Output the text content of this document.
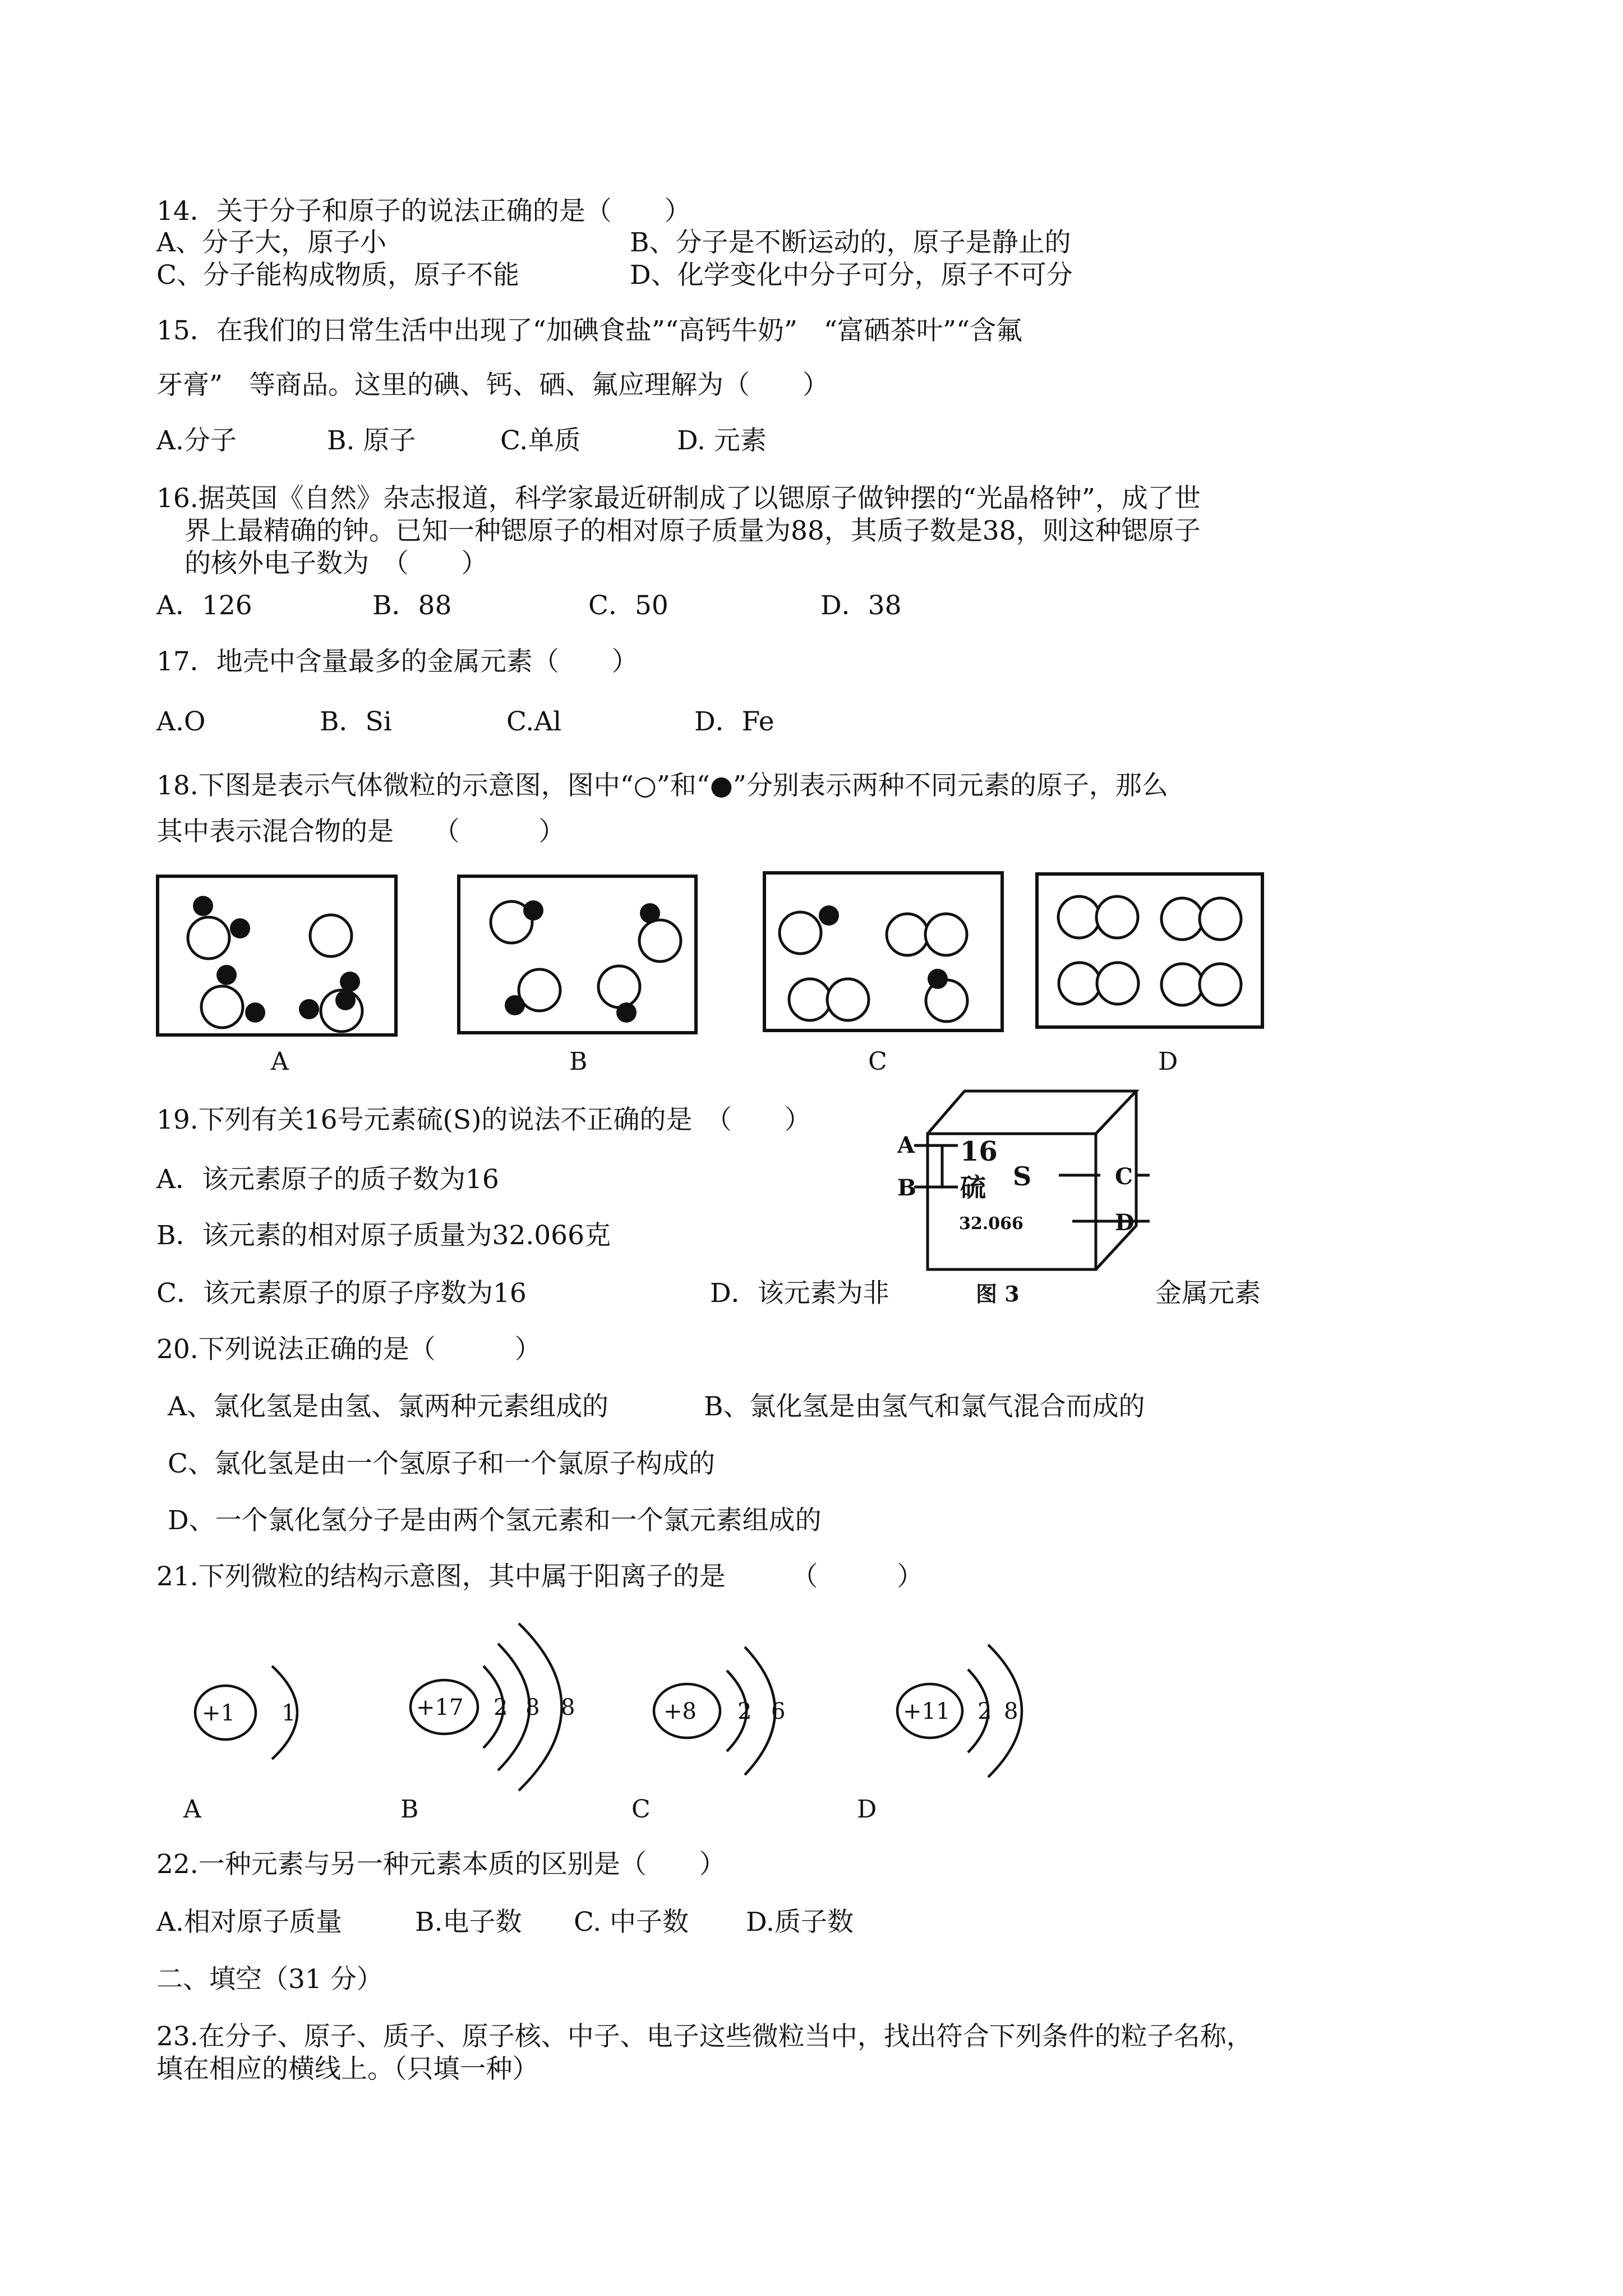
14．关于分子和原子的说法正确的是（　　）
A、分子大，原子小	B、分子是不断运动的，原子是静止的
C、分子能构成物质，原子不能	D、化学变化中分子可分，原子不可分
15．在我们的日常生活中出现了“加碘食盐”“高钙牛奶”　“富硒茶叶”“含氟
牙膏”　等商品。这里的碘、钙、硒、氟应理解为（　　）
A.分子	B. 原子	C.单质	D. 元素
16.据英国《自然》杂志报道，科学家最近研制成了以锶原子做钟摆的“光晶格钟”，成了世
界上最精确的钟。已知一种锶原子的相对原子质量为88，其质子数是38，则这种锶原子
的核外电子数为　（　　）
A．126	B．88	C．50	D．38
17．地壳中含量最多的金属元素（　　）
A.O	B．Si	C.Al	D．Fe
18.下图是表示气体微粒的示意图，图中“○”和“●”分别表示两种不同元素的原子，那么
其中表示混合物的是　　（　　　）
A	B	C	D
19.下列有关16号元素硫(S)的说法不正确的是　（　　）
A．该元素原子的质子数为16
B．该元素的相对原子质量为32.066克
C．该元素原子的原子序数为16	D．该元素为非	金属元素
A
B	C
D
16
硫 S
32.066
图 3
20.下列说法正确的是（　　　）
A、氯化氢是由氢、氯两种元素组成的	B、氯化氢是由氢气和氯气混合而成的
C、氯化氢是由一个氢原子和一个氯原子构成的
D、一个氯化氢分子是由两个氢元素和一个氯元素组成的
21.下列微粒的结构示意图，其中属于阳离子的是　　　（　　　）
+1 1	+17 2 8 8	+8 2 6	+11 2 8
A	B	C	D
22.一种元素与另一种元素本质的区别是（　　）
A.相对原子质量	B.电子数 C. 中子数 D.质子数
二、填空（31 分）
23.在分子、原子、质子、原子核、中子、电子这些微粒当中，找出符合下列条件的粒子名称，
填在相应的横线上。（只填一种）
